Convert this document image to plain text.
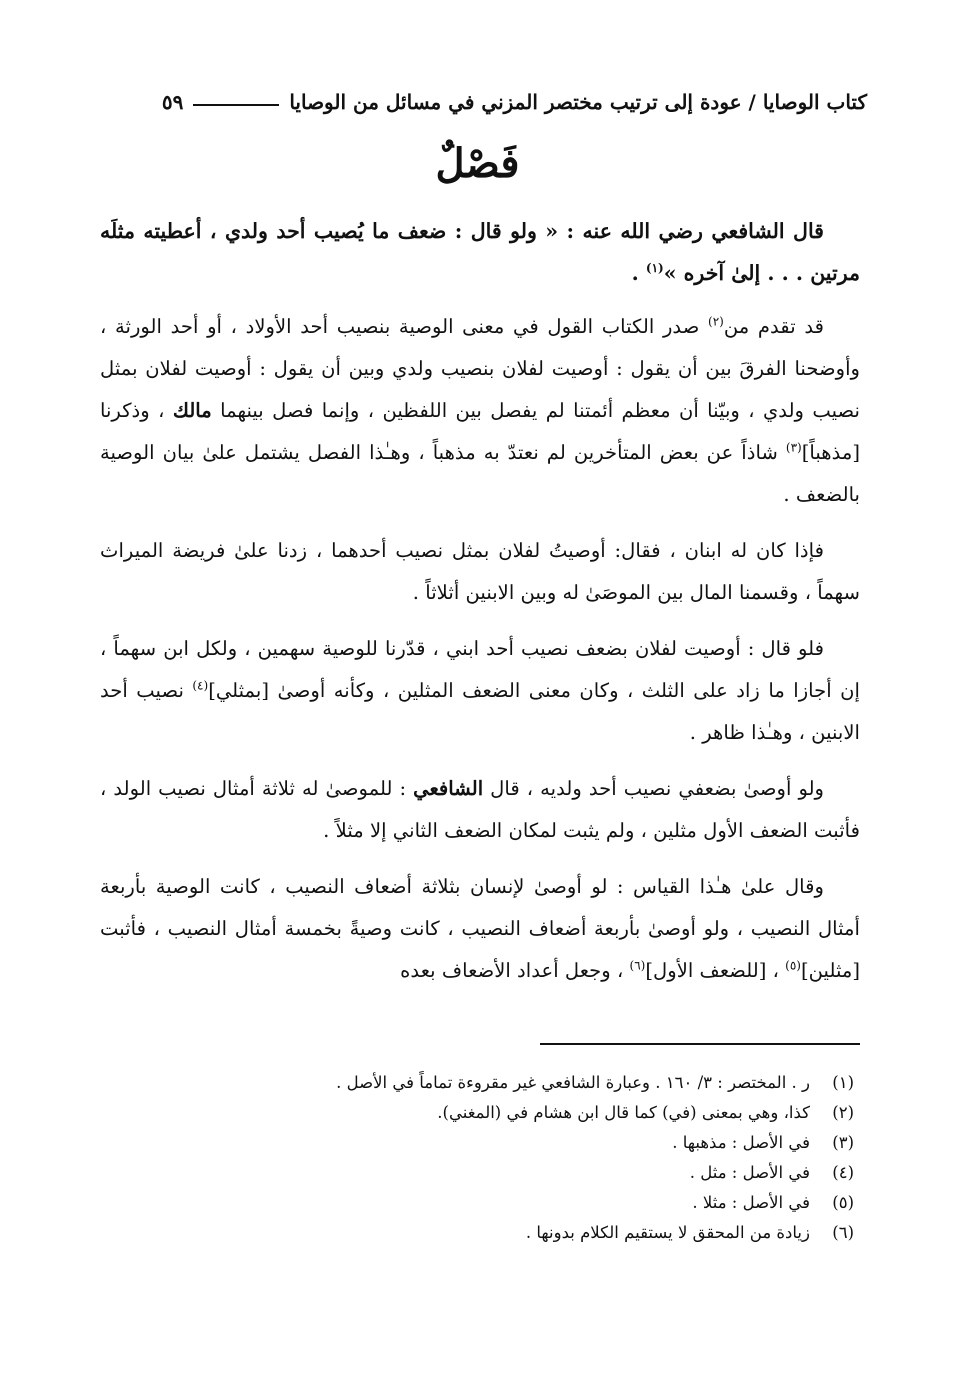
كتاب الوصايا / عودة إلى ترتيب مختصر المزني في مسائل من الوصايا
٥٩
فَصْلٌ

قال الشافعي رضي الله عنه : « ولو قال : ضعف ما يُصيب أحد ولدي ، أعطيته مثلَه مرتين . . . إلىٰ آخره »$^{(١)}$ .

قد تقدم من$^{(٢)}$ صدر الكتاب القول في معنى الوصية بنصيب أحد الأولاد ، أو أحد الورثة ، وأوضحنا الفرقَ بين أن يقول : أوصيت لفلان بنصيب ولدي وبين أن يقول : أوصيت لفلان بمثل نصيب ولدي ، وبيّنا أن معظم أئمتنا لم يفصل بين اللفظين ، وإنما فصل بينهما مالك ، وذكرنا [مذهباً]$^{(٣)}$ شاذاً عن بعض المتأخرين لم نعتدّ به مذهباً ، وهـٰذا الفصل يشتمل علىٰ بيان الوصية بالضعف .

فإذا كان له ابنان ، فقال: أوصيتُ لفلان بمثل نصيب أحدهما ، زدنا علىٰ فريضة الميراث سهماً ، وقسمنا المال بين الموصَىٰ له وبين الابنين أثلاثاً .

فلو قال : أوصيت لفلان بضعف نصيب أحد ابني ، قدّرنا للوصية سهمين ، ولكل ابن سهماً ، إن أجازا ما زاد على الثلث ، وكان معنى الضعف المثلين ، وكأنه أوصىٰ [بمثلي]$^{(٤)}$ نصيب أحد الابنين ، وهـٰذا ظاهر .

ولو أوصىٰ بضعفي نصيب أحد ولديه ، قال الشافعي : للموصىٰ له ثلاثة أمثال نصيب الولد ، فأثبت الضعف الأول مثلين ، ولم يثبت لمكان الضعف الثاني إلا مثلاً .

وقال علىٰ هـٰذا القياس : لو أوصىٰ لإنسان بثلاثة أضعاف النصيب ، كانت الوصية بأربعة أمثال النصيب ، ولو أوصىٰ بأربعة أضعاف النصيب ، كانت وصيةً بخمسة أمثال النصيب ، فأثبت [مثلين]$^{(٥)}$ ، [للضعف الأول]$^{(٦)}$ ، وجعل أعداد الأضعاف بعده

(١)
ر . المختصر : ٣/ ١٦٠ . وعبارة الشافعي غير مقروءة تماماً في الأصل .
(٢)
كذا، وهي بمعنى (في) كما قال ابن هشام في (المغني).
(٣)
في الأصل : مذهبها .
(٤)
في الأصل : مثل .
(٥)
في الأصل : مثلا .
(٦)
زيادة من المحقق لا يستقيم الكلام بدونها .
